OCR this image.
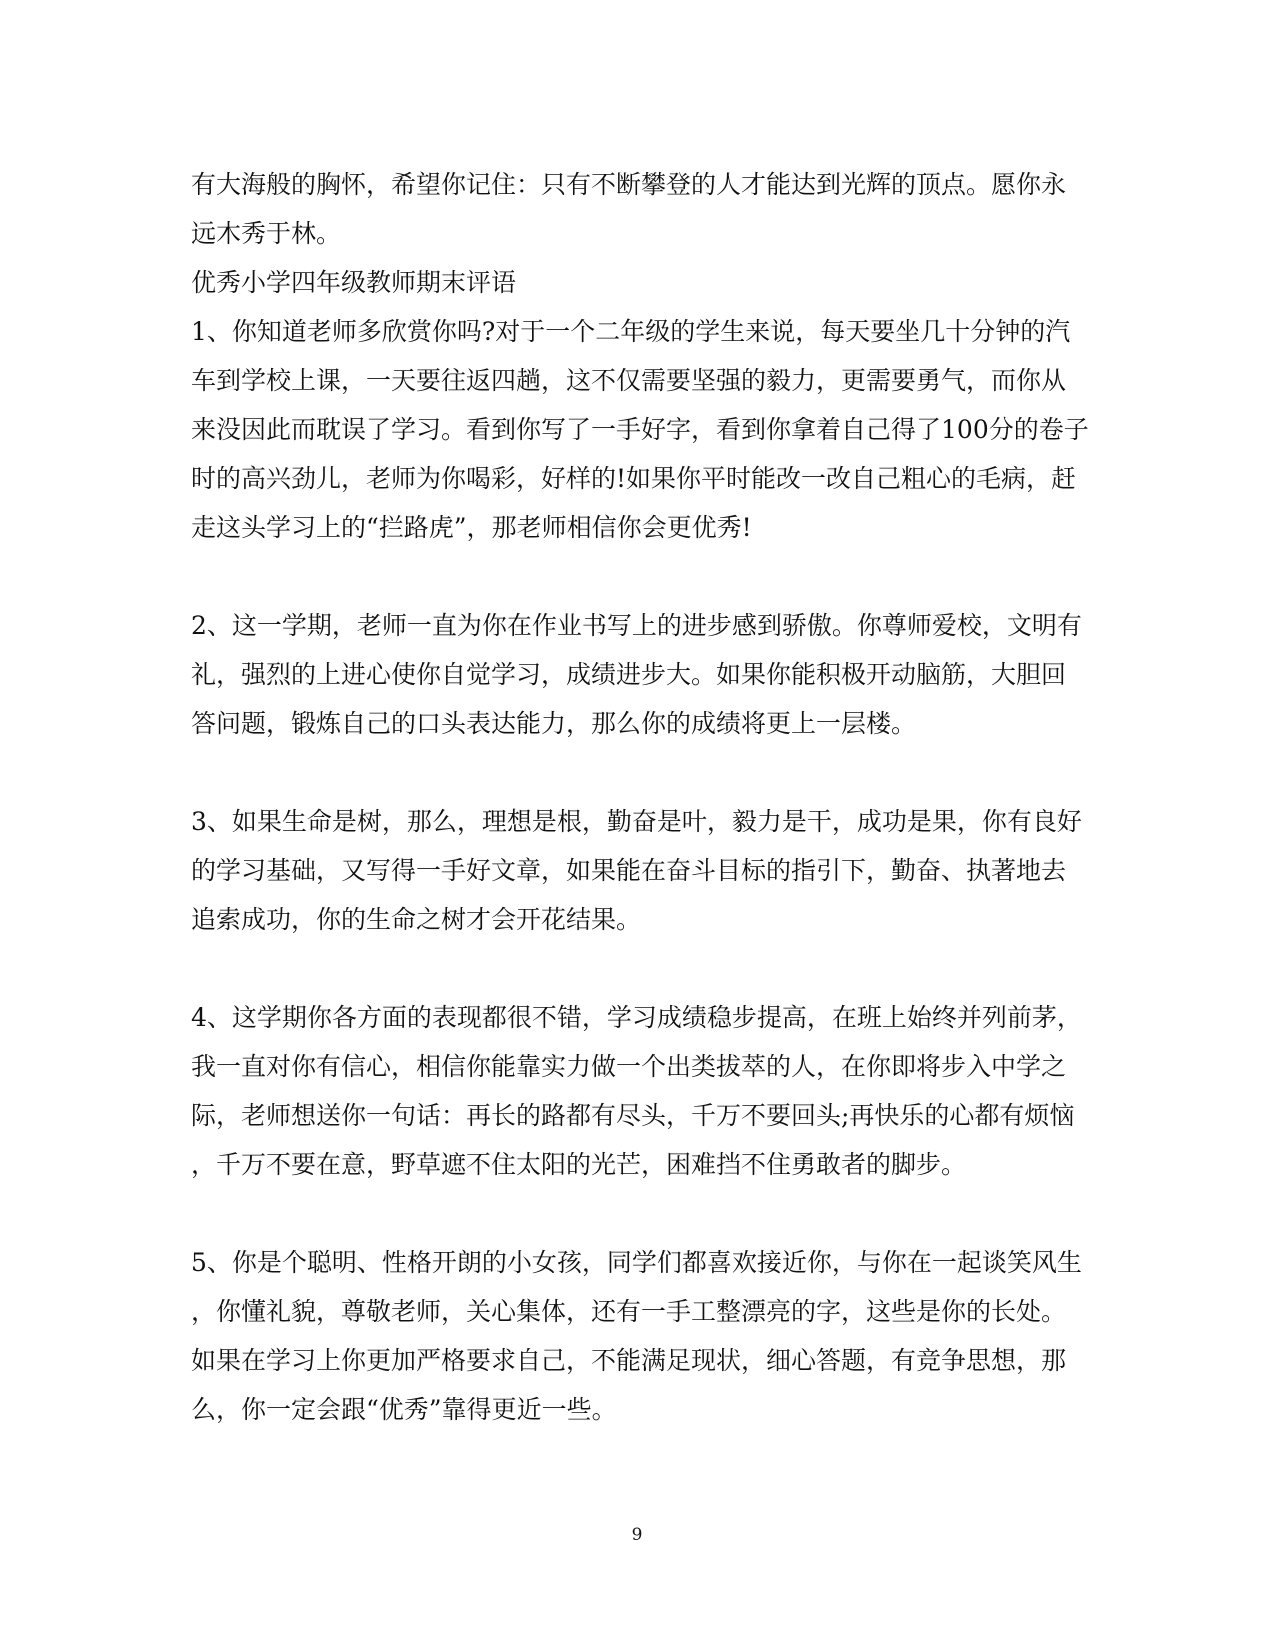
有大海般的胸怀，希望你记住：只有不断攀登的人才能达到光辉的顶点。愿你永
远木秀于林。
优秀小学四年级教师期末评语
1、你知道老师多欣赏你吗?对于一个二年级的学生来说，每天要坐几十分钟的汽
车到学校上课，一天要往返四趟，这不仅需要坚强的毅力，更需要勇气，而你从
来没因此而耽误了学习。看到你写了一手好字，看到你拿着自己得了100分的卷子
时的高兴劲儿，老师为你喝彩，好样的!如果你平时能改一改自己粗心的毛病，赶
走这头学习上的“拦路虎”，那老师相信你会更优秀!
2、这一学期，老师一直为你在作业书写上的进步感到骄傲。你尊师爱校，文明有
礼，强烈的上进心使你自觉学习，成绩进步大。如果你能积极开动脑筋，大胆回
答问题，锻炼自己的口头表达能力，那么你的成绩将更上一层楼。
3、如果生命是树，那么，理想是根，勤奋是叶，毅力是干，成功是果，你有良好
的学习基础，又写得一手好文章，如果能在奋斗目标的指引下，勤奋、执著地去
追索成功，你的生命之树才会开花结果。
4、这学期你各方面的表现都很不错，学习成绩稳步提高，在班上始终并列前茅，
我一直对你有信心，相信你能靠实力做一个出类拔萃的人，在你即将步入中学之
际，老师想送你一句话：再长的路都有尽头，千万不要回头;再快乐的心都有烦恼
，千万不要在意，野草遮不住太阳的光芒，困难挡不住勇敢者的脚步。
5、你是个聪明、性格开朗的小女孩，同学们都喜欢接近你，与你在一起谈笑风生
，你懂礼貌，尊敬老师，关心集体，还有一手工整漂亮的字，这些是你的长处。
如果在学习上你更加严格要求自己，不能满足现状，细心答题，有竞争思想，那
么，你一定会跟“优秀”靠得更近一些。
9
